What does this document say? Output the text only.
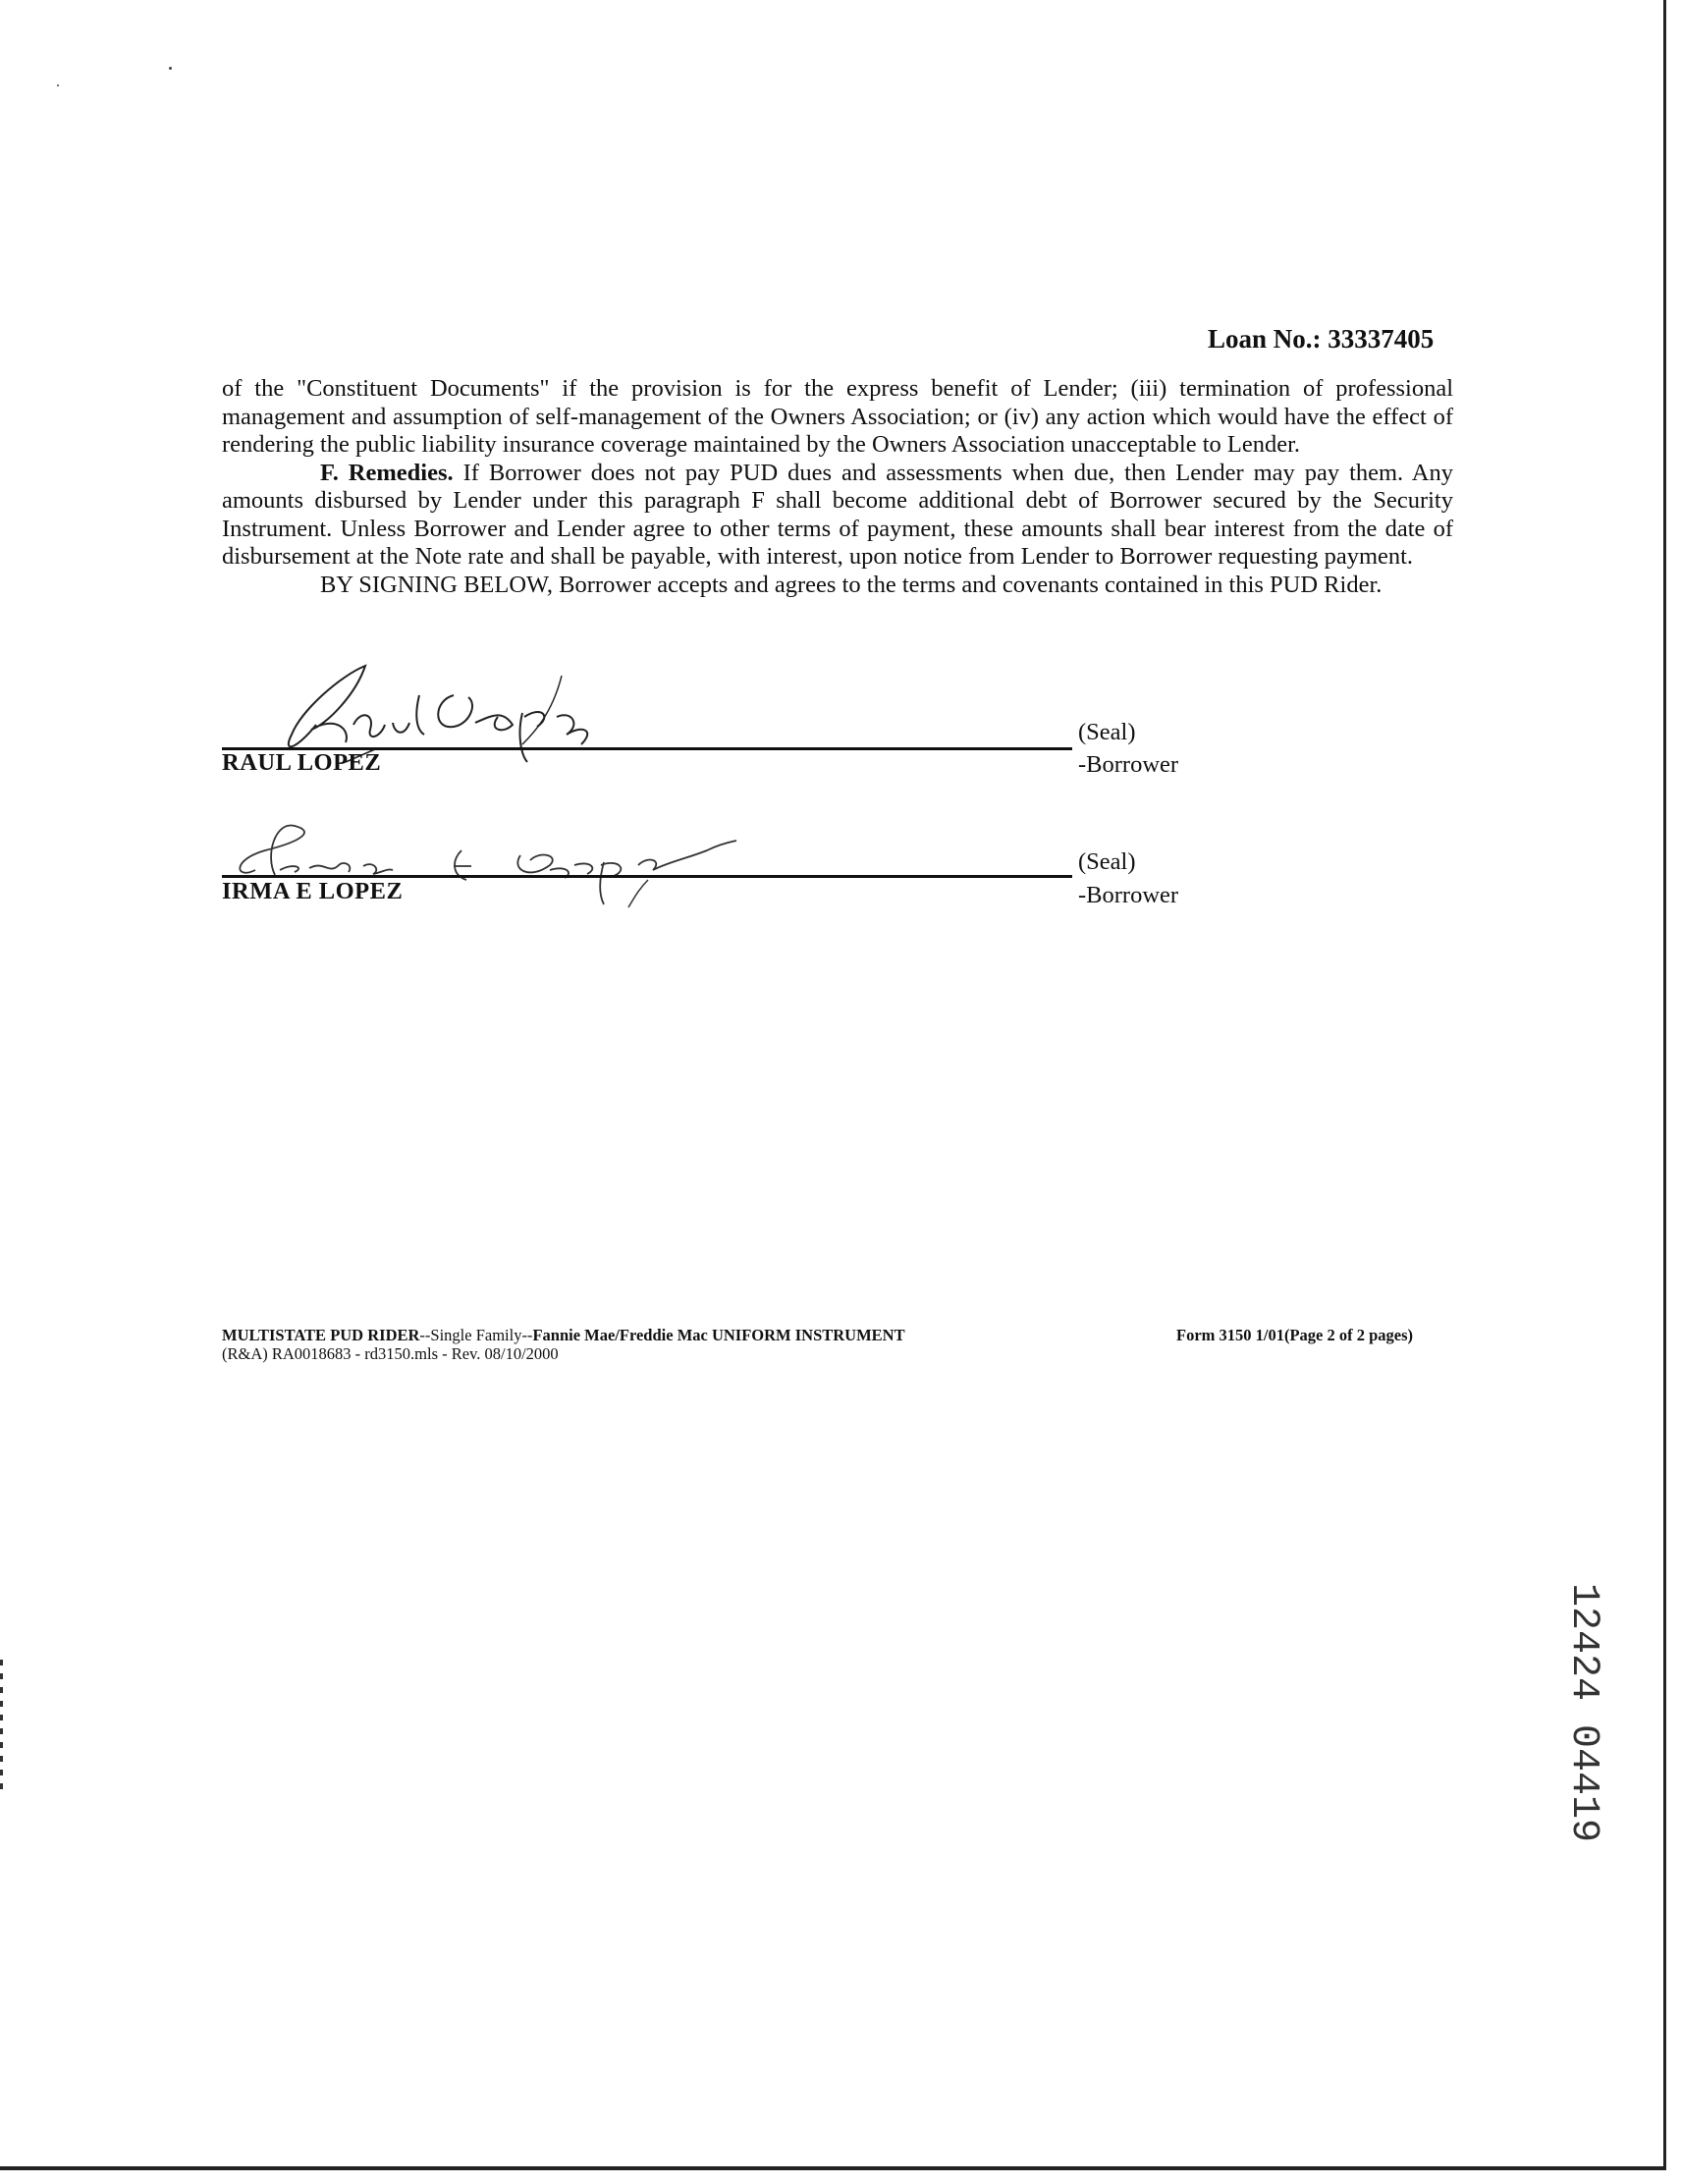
Loan No.: 33337405

of the "Constituent Documents" if the provision is for the express benefit of Lender; (iii) termination of professional management and assumption of self-management of the Owners Association; or (iv) any action which would have the effect of rendering the public liability insurance coverage maintained by the Owners Association unacceptable to Lender.

F. Remedies. If Borrower does not pay PUD dues and assessments when due, then Lender may pay them. Any amounts disbursed by Lender under this paragraph F shall become additional debt of Borrower secured by the Security Instrument. Unless Borrower and Lender agree to other terms of payment, these amounts shall bear interest from the date of disbursement at the Note rate and shall be payable, with interest, upon notice from Lender to Borrower requesting payment.

BY SIGNING BELOW, Borrower accepts and agrees to the terms and covenants contained in this PUD Rider.

RAUL LOPEZ
(Seal)
-Borrower
IRMA E LOPEZ
(Seal)
-Borrower
MULTISTATE PUD RIDER--Single Family--Fannie Mae/Freddie Mac UNIFORM INSTRUMENT
(R&A) RA0018683 - rd3150.mls - Rev. 08/10/2000
Form 3150 1/01(Page 2 of 2 pages)
12424 04419
